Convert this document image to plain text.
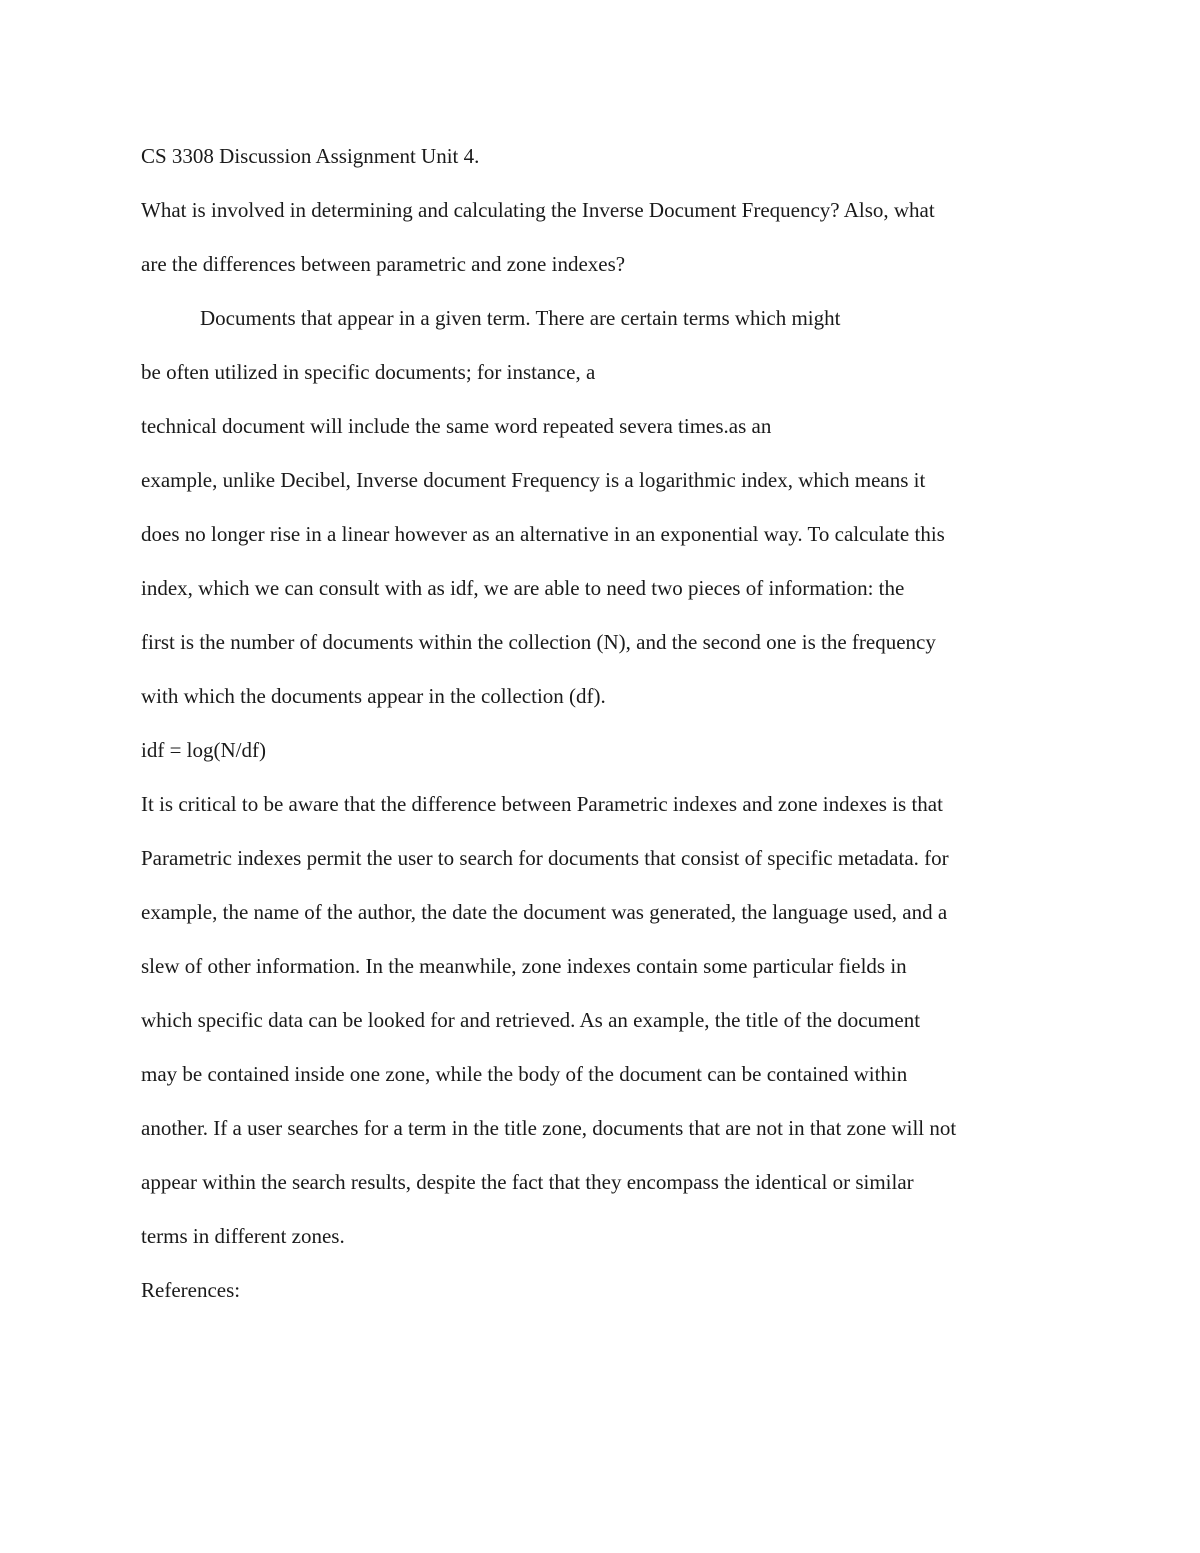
CS 3308 Discussion Assignment Unit 4.
What is involved in determining and calculating the Inverse Document Frequency? Also, what
are the differences between parametric and zone indexes?
Documents that appear in a given term. There are certain terms which might
be often utilized in specific documents; for instance, a
technical document will include the same word repeated severa times.as an
example, unlike Decibel, Inverse document Frequency is a logarithmic index, which means it
does no longer rise in a linear however as an alternative in an exponential way. To calculate this
index, which we can consult with as idf, we are able to need two pieces of information: the
first is the number of documents within the collection (N), and the second one is the frequency
with which the documents appear in the collection (df).
idf = log(N/df)
It is critical to be aware that the difference between Parametric indexes and zone indexes is that
Parametric indexes permit the user to search for documents that consist of specific metadata. for
example, the name of the author, the date the document was generated, the language used, and a
slew of other information. In the meanwhile, zone indexes contain some particular fields in
which specific data can be looked for and retrieved. As an example, the title of the document
may be contained inside one zone, while the body of the document can be contained within
another. If a user searches for a term in the title zone, documents that are not in that zone will not
appear within the search results, despite the fact that they encompass the identical or similar
terms in different zones.
References:
